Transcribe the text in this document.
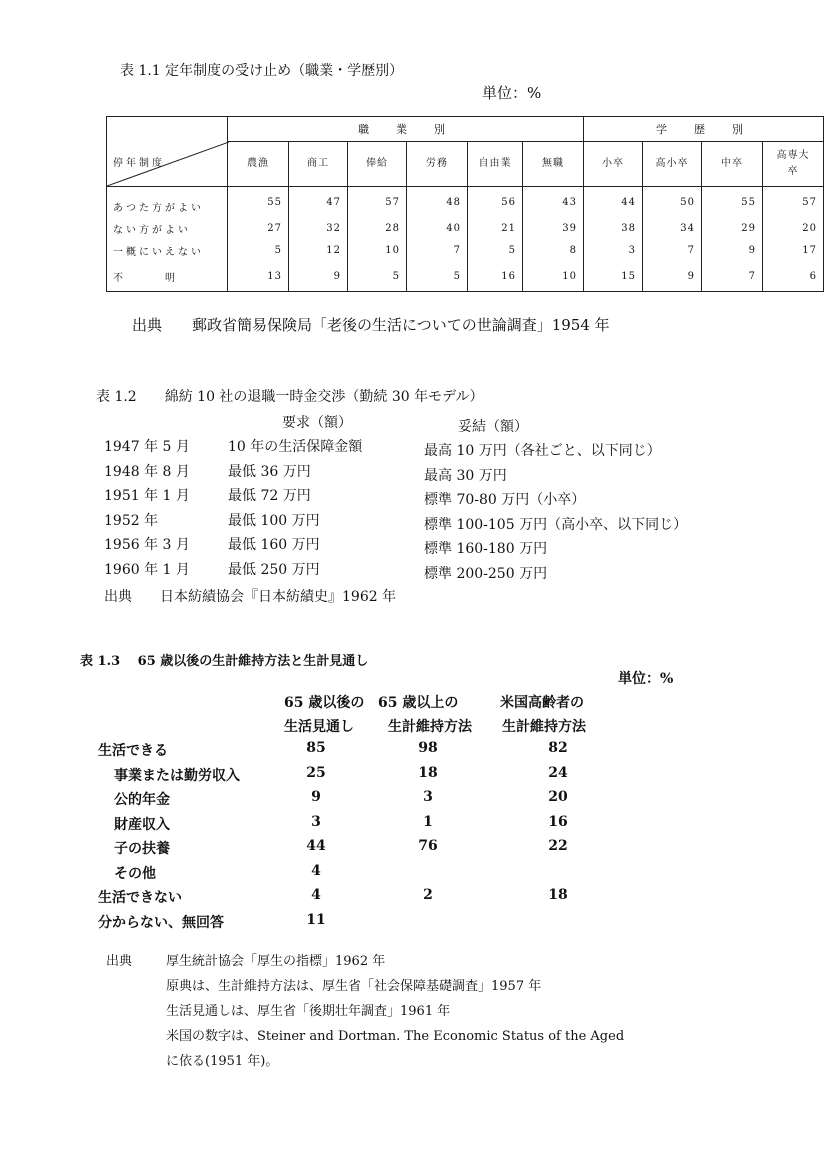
表 1.1 定年制度の受け止め（職業・学歴別）
単位：%
	職　業　別						学　歴　別			

停年制度	農漁	商工	俸給	労務	自由業	無職	小卒	高小卒	中卒	高専大卒
あつた方がよい	55	47	57	48	56	43	44	50	55	57
ない方がよい	27	32	28	40	21	39	38	34	29	20
一概にいえない	5	12	10	7	5	8	3	7	9	17
不　　　明	13	9	5	5	16	10	15	9	7	6
出典　　郵政省簡易保険局「老後の生活についての世論調査」1954 年
表 1.2　　綿紡 10 社の退職一時金交渉（勤続 30 年モデル）
要求（額）	妥結（額）
1947 年 5 月	10 年の生活保障金額	最高 10 万円（各社ごと、以下同じ）
1948 年 8 月	最低 36 万円	最高 30 万円
1951 年 1 月	最低 72 万円	標準 70-80 万円（小卒）
1952 年	最低 100 万円	標準 100-105 万円（高小卒、以下同じ）
1956 年 3 月	最低 160 万円	標準 160-180 万円
1960 年 1 月	最低 250 万円	標準 200-250 万円
出典　　日本紡績協会『日本紡績史』1962 年
表 1.3　 65 歳以後の生計維持方法と生計見通し
単位：%
65 歳以後の
生活見通し
65 歳以上の
生計維持方法
米国高齢者の
生計維持方法
生活できる	85	98	82
事業または勤労収入	25	18	24
公的年金	9	3	20
財産収入	3	1	16
子の扶養	44	76	22
その他	4
生活できない	4	2	18
分からない、無回答	11
出典	厚生統計協会「厚生の指標」1962 年
原典は、生計維持方法は、厚生省「社会保障基礎調査」1957 年
生活見通しは、厚生省「後期壮年調査」1961 年
米国の数字は、Steiner and Dortman. The Economic Status of the Aged
に依る(1951 年)。
